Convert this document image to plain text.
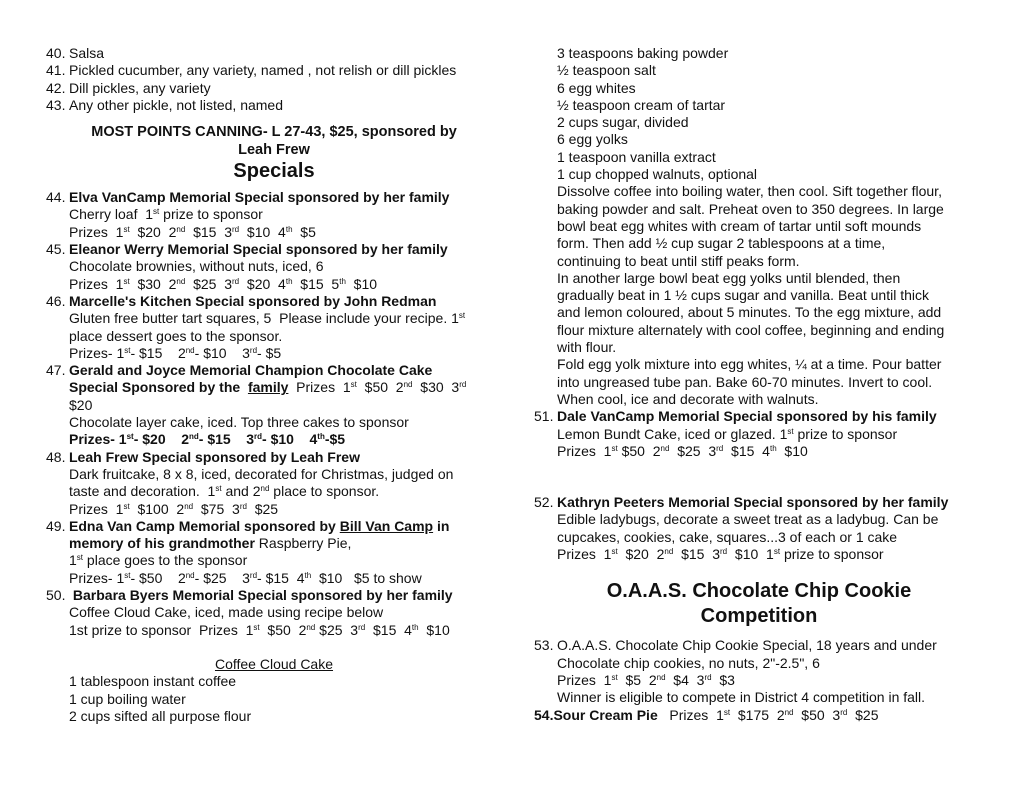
40. Salsa
41. Pickled cucumber, any variety, named , not relish or dill pickles
42. Dill pickles, any variety
43. Any other pickle, not listed, named
MOST POINTS CANNING- L 27-43, $25, sponsored by
Leah Frew
Specials
44. Elva VanCamp Memorial Special sponsored by her family
Cherry loaf  1st prize to sponsor
Prizes  1st  $20  2nd  $15  3rd  $10  4th  $5
45. Eleanor Werry Memorial Special sponsored by her family
Chocolate brownies, without nuts, iced, 6
Prizes  1st  $30  2nd  $25  3rd  $20  4th  $15  5th  $10
46. Marcelle's Kitchen Special sponsored by John Redman
Gluten free butter tart squares, 5  Please include your recipe. 1st
place dessert goes to the sponsor.
Prizes- 1st- $15    2nd- $10    3rd- $5
47. Gerald and Joyce Memorial Champion Chocolate Cake
Special Sponsored by the  family  Prizes  1st  $50  2nd  $30  3rd
$20
Chocolate layer cake, iced. Top three cakes to sponsor
Prizes- 1st- $20    2nd- $15    3rd- $10    4th-$5
48. Leah Frew Special sponsored by Leah Frew
Dark fruitcake, 8 x 8, iced, decorated for Christmas, judged on
taste and decoration.  1st and 2nd place to sponsor.
Prizes  1st  $100  2nd  $75  3rd  $25
49. Edna Van Camp Memorial sponsored by Bill Van Camp in
memory of his grandmother Raspberry Pie,
1st place goes to the sponsor
Prizes- 1st- $50    2nd- $25    3rd- $15  4th  $10   $5 to show
50. Barbara Byers Memorial Special sponsored by her family
Coffee Cloud Cake, iced, made using recipe below
1st prize to sponsor  Prizes  1st  $50  2nd $25  3rd  $15  4th  $10
Coffee Cloud Cake
1 tablespoon instant coffee
1 cup boiling water
2 cups sifted all purpose flour
3 teaspoons baking powder
½ teaspoon salt
6 egg whites
½ teaspoon cream of tartar
2 cups sugar, divided
6 egg yolks
1 teaspoon vanilla extract
1 cup chopped walnuts, optional
Dissolve coffee into boiling water, then cool. Sift together flour,
baking powder and salt. Preheat oven to 350 degrees. In large
bowl beat egg whites with cream of tartar until soft mounds
form. Then add ½ cup sugar 2 tablespoons at a time,
continuing to beat until stiff peaks form.
In another large bowl beat egg yolks until blended, then
gradually beat in 1 ½ cups sugar and vanilla. Beat until thick
and lemon coloured, about 5 minutes. To the egg mixture, add
flour mixture alternately with cool coffee, beginning and ending
with flour.
Fold egg yolk mixture into egg whites, ¼ at a time. Pour batter
into ungreased tube pan. Bake 60-70 minutes. Invert to cool.
When cool, ice and decorate with walnuts.
51. Dale VanCamp Memorial Special sponsored by his family
Lemon Bundt Cake, iced or glazed. 1st prize to sponsor
Prizes  1st $50  2nd  $25  3rd  $15  4th  $10
52. Kathryn Peeters Memorial Special sponsored by her family
Edible ladybugs, decorate a sweet treat as a ladybug. Can be
cupcakes, cookies, cake, squares...3 of each or 1 cake
Prizes  1st  $20  2nd  $15  3rd  $10  1st prize to sponsor
O.A.A.S. Chocolate Chip Cookie
Competition
53. O.A.A.S. Chocolate Chip Cookie Special, 18 years and under
Chocolate chip cookies, no nuts, 2"-2.5", 6
Prizes  1st  $5  2nd  $4  3rd  $3
Winner is eligible to compete in District 4 competition in fall.
54.Sour Cream Pie   Prizes  1st  $175  2nd  $50  3rd  $25
